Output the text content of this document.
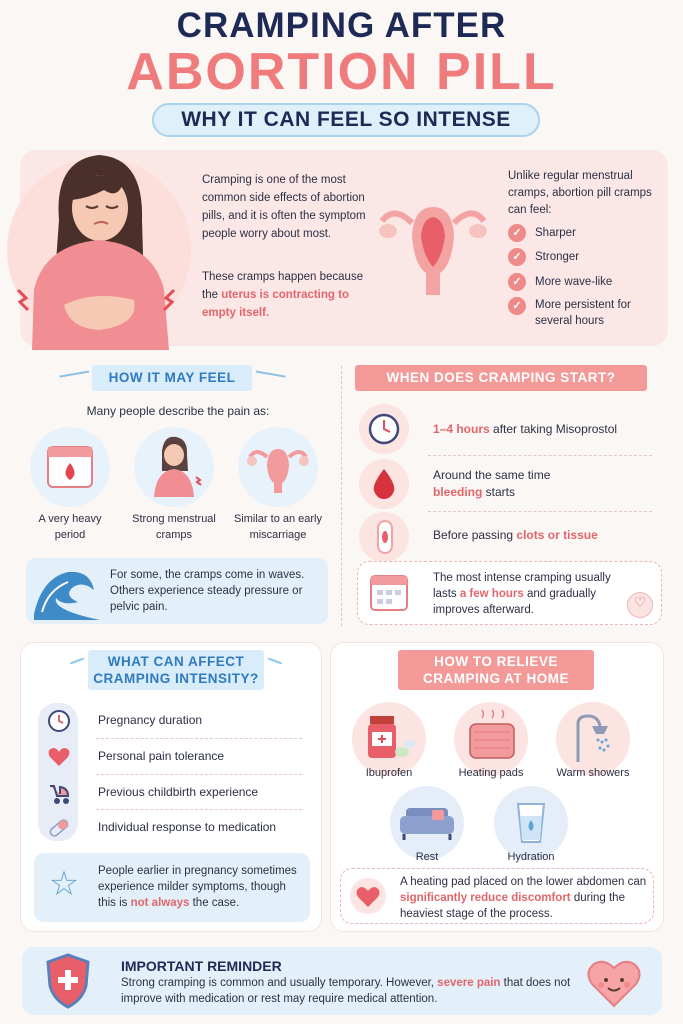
CRAMPING AFTER
ABORTION PILL
WHY IT CAN FEEL SO INTENSE
Cramping is one of the most common side effects of abortion pills, and it is often the symptom people worry about most.
These cramps happen because the uterus is contracting to empty itself.
Unlike regular menstrual cramps, abortion pill cramps can feel:
✓	Sharper
✓	Stronger
✓	More wave-like
✓	More persistent for several hours
HOW IT MAY FEEL
Many people describe the pain as:
A very heavy period
Strong menstrual cramps
Similar to an early miscarriage
For some, the cramps come in waves. Others experience steady pressure or pelvic pain.
WHEN DOES CRAMPING START?
1–4 hours after taking Misoprostol
Around the same time
bleeding starts
Before passing clots or tissue
The most intense cramping usually lasts a few hours and gradually improves afterward.	♡
WHAT CAN AFFECT
CRAMPING INTENSITY?
Pregnancy duration
Personal pain tolerance
Previous childbirth experience
Individual response to medication
☆	People earlier in pregnancy sometimes experience milder symptoms, though this is not always the case.
HOW TO RELIEVE
CRAMPING AT HOME
Ibuprofen	Heating pads	Warm showers
Rest	Hydration
A heating pad placed on the lower abdomen can significantly reduce discomfort during the heaviest stage of the process.
IMPORTANT REMINDER
Strong cramping is common and usually temporary. However, severe pain that does not improve with medication or rest may require medical attention.
